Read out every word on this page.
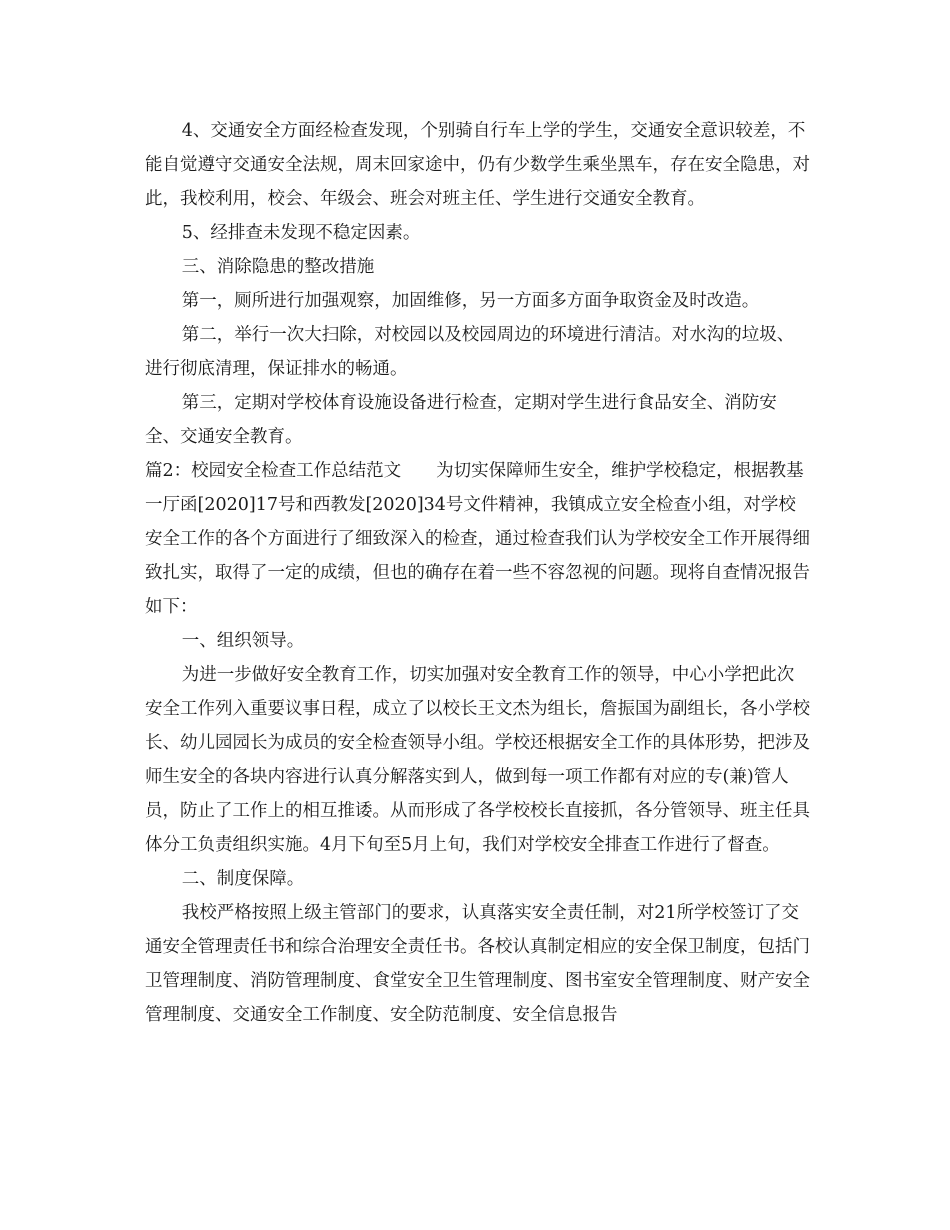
4、交通安全方面经检查发现，个别骑自行车上学的学生，交通安全意识较差，不能自觉遵守交通安全法规，周末回家途中，仍有少数学生乘坐黑车，存在安全隐患，对此，我校利用，校会、年级会、班会对班主任、学生进行交通安全教育。

5、经排查未发现不稳定因素。

三、消除隐患的整改措施

第一，厕所进行加强观察，加固维修，另一方面多方面争取资金及时改造。

第二，举行一次大扫除，对校园以及校园周边的环境进行清洁。对水沟的垃圾、进行彻底清理，保证排水的畅通。

第三，定期对学校体育设施设备进行检查，定期对学生进行食品安全、消防安全、交通安全教育。

篇2：校园安全检查工作总结范文　　为切实保障师生安全，维护学校稳定，根据教基一厅函[2020]17号和西教发[2020]34号文件精神，我镇成立安全检查小组，对学校安全工作的各个方面进行了细致深入的检查，通过检查我们认为学校安全工作开展得细致扎实，取得了一定的成绩，但也的确存在着一些不容忽视的问题。现将自查情况报告如下：

一、组织领导。

为进一步做好安全教育工作，切实加强对安全教育工作的领导，中心小学把此次安全工作列入重要议事日程，成立了以校长王文杰为组长，詹振国为副组长，各小学校长、幼儿园园长为成员的安全检查领导小组。学校还根据安全工作的具体形势，把涉及师生安全的各块内容进行认真分解落实到人，做到每一项工作都有对应的专(兼)管人员，防止了工作上的相互推诿。从而形成了各学校校长直接抓，各分管领导、班主任具体分工负责组织实施。4月下旬至5月上旬，我们对学校安全排查工作进行了督查。

二、制度保障。

我校严格按照上级主管部门的要求，认真落实安全责任制，对21所学校签订了交通安全管理责任书和综合治理安全责任书。各校认真制定相应的安全保卫制度，包括门卫管理制度、消防管理制度、食堂安全卫生管理制度、图书室安全管理制度、财产安全管理制度、交通安全工作制度、安全防范制度、安全信息报告
